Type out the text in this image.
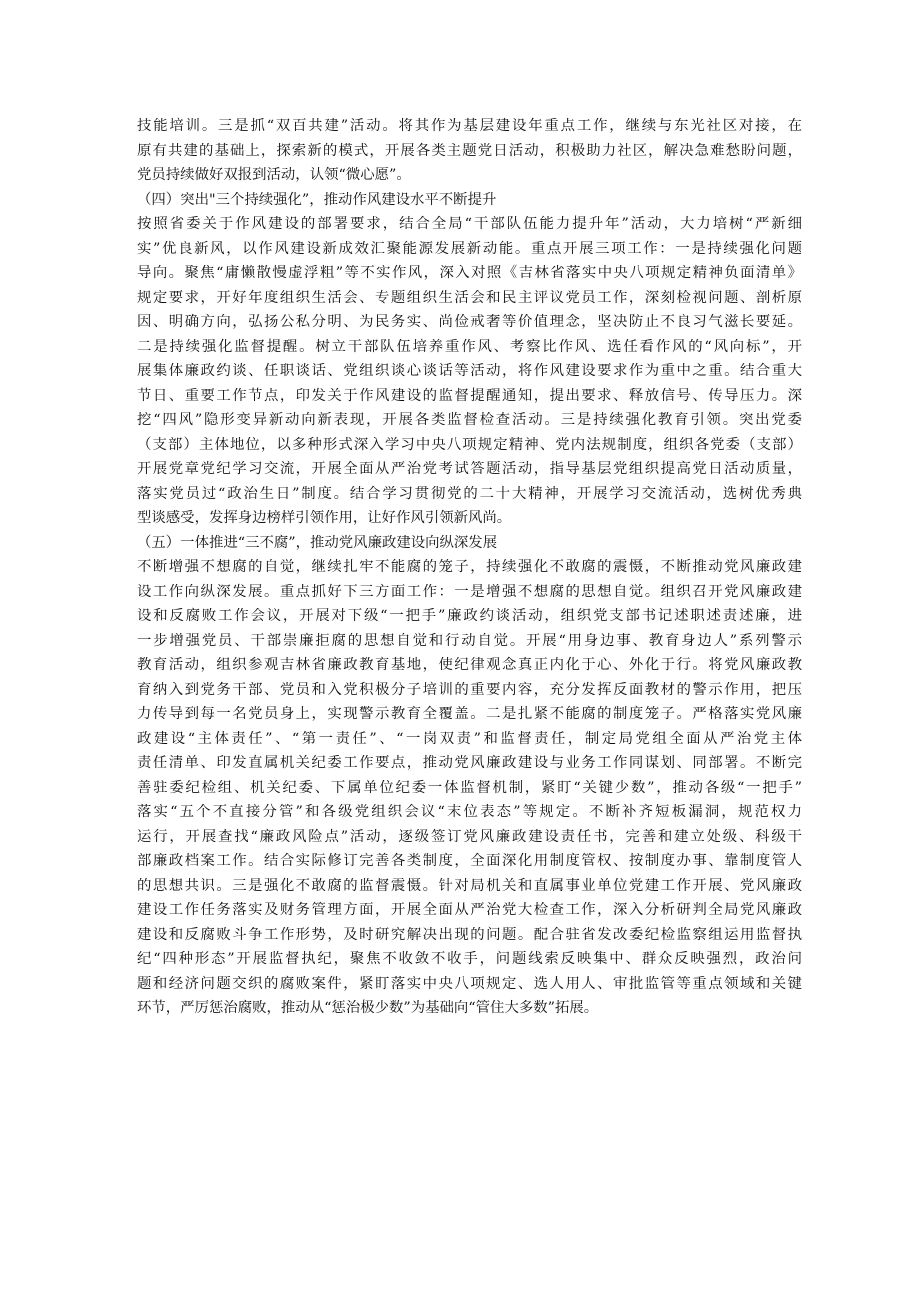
技能培训。三是抓“双百共建”活动。将其作为基层建设年重点工作，继续与东光社区对接，在
原有共建的基础上，探索新的模式，开展各类主题党日活动，积极助力社区，解决急难愁盼问题，
党员持续做好双报到活动，认领“微心愿”。
（四）突出"三个持续强化”，推动作风建设水平不断提升
按照省委关于作风建设的部署要求，结合全局“干部队伍能力提升年”活动，大力培树“严新细
实”优良新风，以作风建设新成效汇聚能源发展新动能。重点开展三项工作：一是持续强化问题
导向。聚焦“庸懒散慢虚浮粗”等不实作风，深入对照《吉林省落实中央八项规定精神负面清单》
规定要求，开好年度组织生活会、专题组织生活会和民主评议党员工作，深刻检视问题、剖析原
因、明确方向，弘扬公私分明、为民务实、尚俭戒奢等价值理念，坚决防止不良习气滋长要延。
二是持续强化监督提醒。树立干部队伍培养重作风、考察比作风、选任看作风的“风向标”，开
展集体廉政约谈、任职谈话、党组织谈心谈话等活动，将作风建设要求作为重中之重。结合重大
节日、重要工作节点，印发关于作风建设的监督提醒通知，提出要求、释放信号、传导压力。深
挖“四风”隐形变异新动向新表现，开展各类监督检查活动。三是持续强化教育引领。突出党委
（支部）主体地位，以多种形式深入学习中央八项规定精神、党内法规制度，组织各党委（支部）
开展党章党纪学习交流，开展全面从严治党考试答题活动，指导基层党组织提高党日活动质量，
落实党员过“政治生日”制度。结合学习贯彻党的二十大精神，开展学习交流活动，选树优秀典
型谈感受，发挥身边榜样引领作用，让好作风引领新风尚。
（五）一体推进“三不腐”，推动党风廉政建设向纵深发展
不断增强不想腐的自觉，继续扎牢不能腐的笼子，持续强化不敢腐的震慑，不断推动党风廉政建
设工作向纵深发展。重点抓好下三方面工作：一是增强不想腐的思想自觉。组织召开党风廉政建
设和反腐败工作会议，开展对下级“一把手”廉政约谈活动，组织党支部书记述职述责述廉，进
一步增强党员、干部崇廉拒腐的思想自觉和行动自觉。开展“用身边事、教育身边人”系列警示
教育活动，组织参观吉林省廉政教育基地，使纪律观念真正内化于心、外化于行。将党风廉政教
育纳入到党务干部、党员和入党积极分子培训的重要内容，充分发挥反面教材的警示作用，把压
力传导到每一名党员身上，实现警示教育全覆盖。二是扎紧不能腐的制度笼子。严格落实党风廉
政建设“主体责任”、“第一责任”、“一岗双责”和监督责任，制定局党组全面从严治党主体
责任清单、印发直属机关纪委工作要点，推动党风廉政建设与业务工作同谋划、同部署。不断完
善驻委纪检组、机关纪委、下属单位纪委一体监督机制，紧盯“关键少数”，推动各级“一把手”
落实“五个不直接分管”和各级党组织会议“末位表态”等规定。不断补齐短板漏洞，规范权力
运行，开展查找“廉政风险点”活动，逐级签订党风廉政建设责任书，完善和建立处级、科级干
部廉政档案工作。结合实际修订完善各类制度，全面深化用制度管权、按制度办事、靠制度管人
的思想共识。三是强化不敢腐的监督震慑。针对局机关和直属事业单位党建工作开展、党风廉政
建设工作任务落实及财务管理方面，开展全面从严治党大检查工作，深入分析研判全局党风廉政
建设和反腐败斗争工作形势，及时研究解决出现的问题。配合驻省发改委纪检监察组运用监督执
纪“四种形态”开展监督执纪，聚焦不收敛不收手，问题线索反映集中、群众反映强烈，政治问
题和经济问题交织的腐败案件，紧盯落实中央八项规定、选人用人、审批监管等重点领域和关键
环节，严厉惩治腐败，推动从“惩治极少数”为基础向“管住大多数”拓展。
